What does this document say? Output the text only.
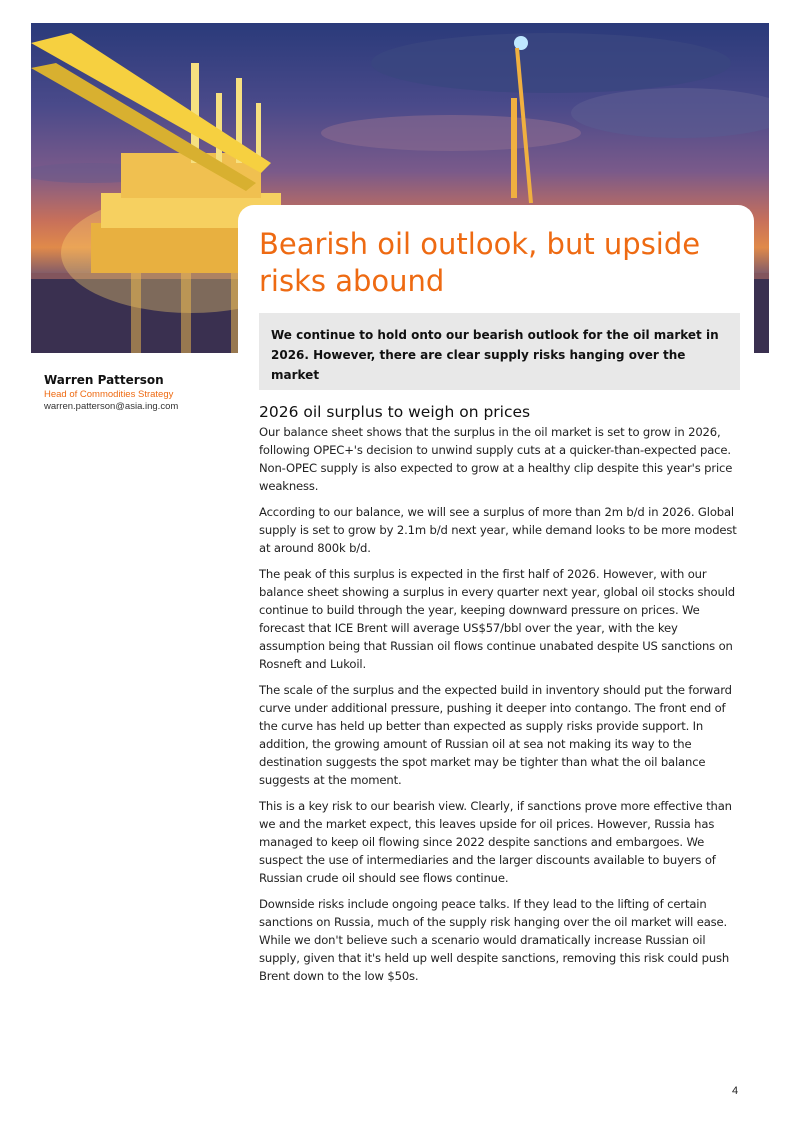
Bearish oil outlook, but upside risks abound
We continue to hold onto our bearish outlook for the oil market in 2026. However, there are clear supply risks hanging over the market
Warren Patterson
Head of Commodities Strategy
warren.patterson@asia.ing.com	2026 oil surplus to weigh on prices

Our balance sheet shows that the surplus in the oil market is set to grow in 2026, following OPEC+'s decision to unwind supply cuts at a quicker-than-expected pace. Non-OPEC supply is also expected to grow at a healthy clip despite this year's price weakness.

According to our balance, we will see a surplus of more than 2m b/d in 2026. Global supply is set to grow by 2.1m b/d next year, while demand looks to be more modest at around 800k b/d.

The peak of this surplus is expected in the first half of 2026. However, with our balance sheet showing a surplus in every quarter next year, global oil stocks should continue to build through the year, keeping downward pressure on prices. We forecast that ICE Brent will average US$57/bbl over the year, with the key assumption being that Russian oil flows continue unabated despite US sanctions on Rosneft and Lukoil.

The scale of the surplus and the expected build in inventory should put the forward curve under additional pressure, pushing it deeper into contango. The front end of the curve has held up better than expected as supply risks provide support. In addition, the growing amount of Russian oil at sea not making its way to the destination suggests the spot market may be tighter than what the oil balance suggests at the moment.

This is a key risk to our bearish view. Clearly, if sanctions prove more effective than we and the market expect, this leaves upside for oil prices. However, Russia has managed to keep oil flowing since 2022 despite sanctions and embargoes. We suspect the use of intermediaries and the larger discounts available to buyers of Russian crude oil should see flows continue.

Downside risks include ongoing peace talks. If they lead to the lifting of certain sanctions on Russia, much of the supply risk hanging over the oil market will ease. While we don't believe such a scenario would dramatically increase Russian oil supply, given that it's held up well despite sanctions, removing this risk could push Brent down to the low $50s.

4
